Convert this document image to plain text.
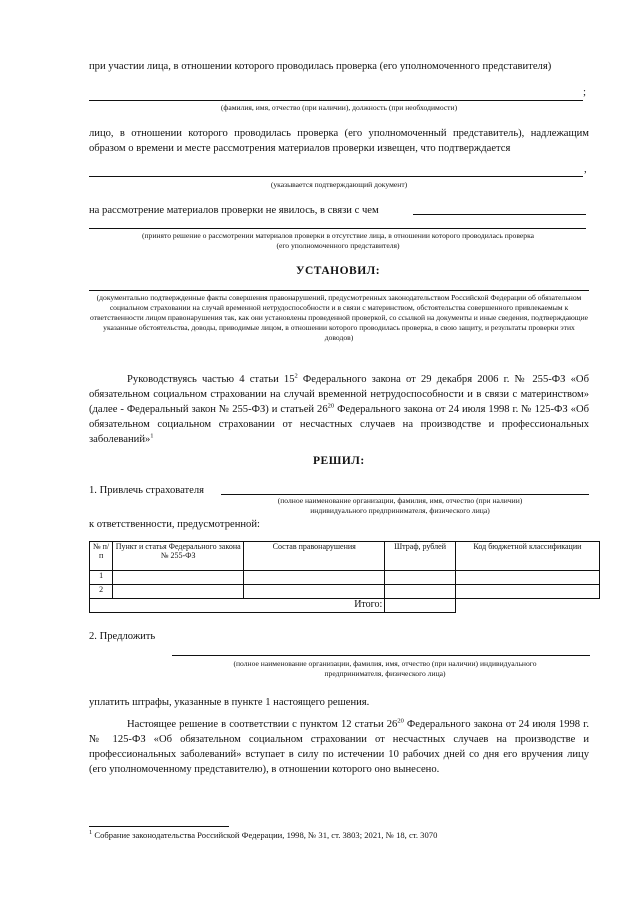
при участии лица, в отношении которого проводилась проверка (его уполномоченного представителя)
;
(фамилия, имя, отчество (при наличии), должность (при необходимости)
лицо, в отношении которого проводилась проверка (его уполномоченный представитель), надлежащим образом о времени и месте рассмотрения материалов проверки извещен, что подтверждается
,
(указывается подтверждающий документ)
на рассмотрение материалов проверки не явилось, в связи с чем
(принято решение о рассмотрении материалов проверки в отсутствие лица, в отношении которого проводилась проверка
(его уполномоченного представителя)
УСТАНОВИЛ:
(документально подтвержденные факты совершения правонарушений, предусмотренных законодательством Российской Федерации об обязательном социальном страховании на случай временной нетрудоспособности и в связи с материнством, обстоятельства совершенного привлекаемым к ответственности лицом правонарушения так, как они установлены проведенной проверкой, со ссылкой на документы и иные сведения, подтверждающие указанные обстоятельства, доводы, приводимые лицом, в отношении которого проводилась проверка, в свою защиту, и результаты проверки этих доводов)
Руководствуясь частью 4 статьи $15^2$ Федерального закона от 29 декабря 2006 г. № 255-ФЗ «Об обязательном социальном страховании на случай временной нетрудоспособности и в связи с материнством» (далее - Федеральный закон № 255-ФЗ) и статьей $26^{20}$ Федерального закона от 24 июля 1998 г. № 125-ФЗ «Об обязательном социальном страховании от несчастных случаев на производстве и профессиональных заболеваний»$^1$
РЕШИЛ:
1. Привлечь страхователя
(полное наименование организации, фамилия, имя, отчество (при наличии)
индивидуального предпринимателя, физического лица)
к ответственности, предусмотренной:
№ п/п	Пункт и статья Федерального закона № 255-ФЗ	Состав правонарушения	Штраф, рублей	Код бюджетной классификации
1				
2				
Итого:				
2. Предложить
(полное наименование организации, фамилия, имя, отчество (при наличии) индивидуального
предпринимателя, физического лица)
уплатить штрафы, указанные в пункте 1 настоящего решения.
Настоящее решение в соответствии с пунктом 12 статьи $26^{20}$ Федерального закона от 24 июля 1998 г. № 125-ФЗ «Об обязательном социальном страховании от несчастных случаев на производстве и профессиональных заболеваний» вступает в силу по истечении 10 рабочих дней со дня его вручения лицу (его уполномоченному представителю), в отношении которого оно вынесено.
$^1$ Собрание законодательства Российской Федерации, 1998, № 31, ст. 3803; 2021, № 18, ст. 3070
